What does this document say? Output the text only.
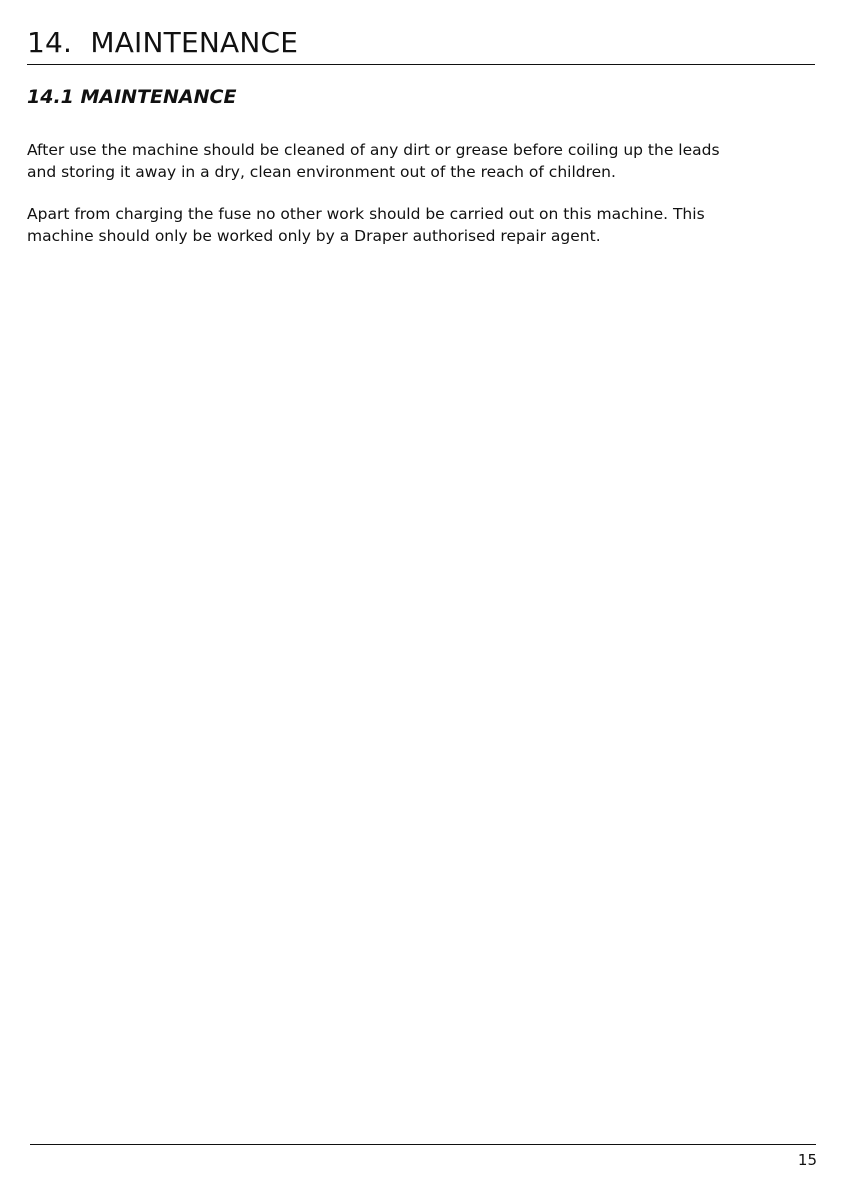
14.  MAINTENANCE
14.1 MAINTENANCE

After use the machine should be cleaned of any dirt or grease before coiling up the leads
and storing it away in a dry, clean environment out of the reach of children.

Apart from charging the fuse no other work should be carried out on this machine. This
machine should only be worked only by a Draper authorised repair agent.

15
